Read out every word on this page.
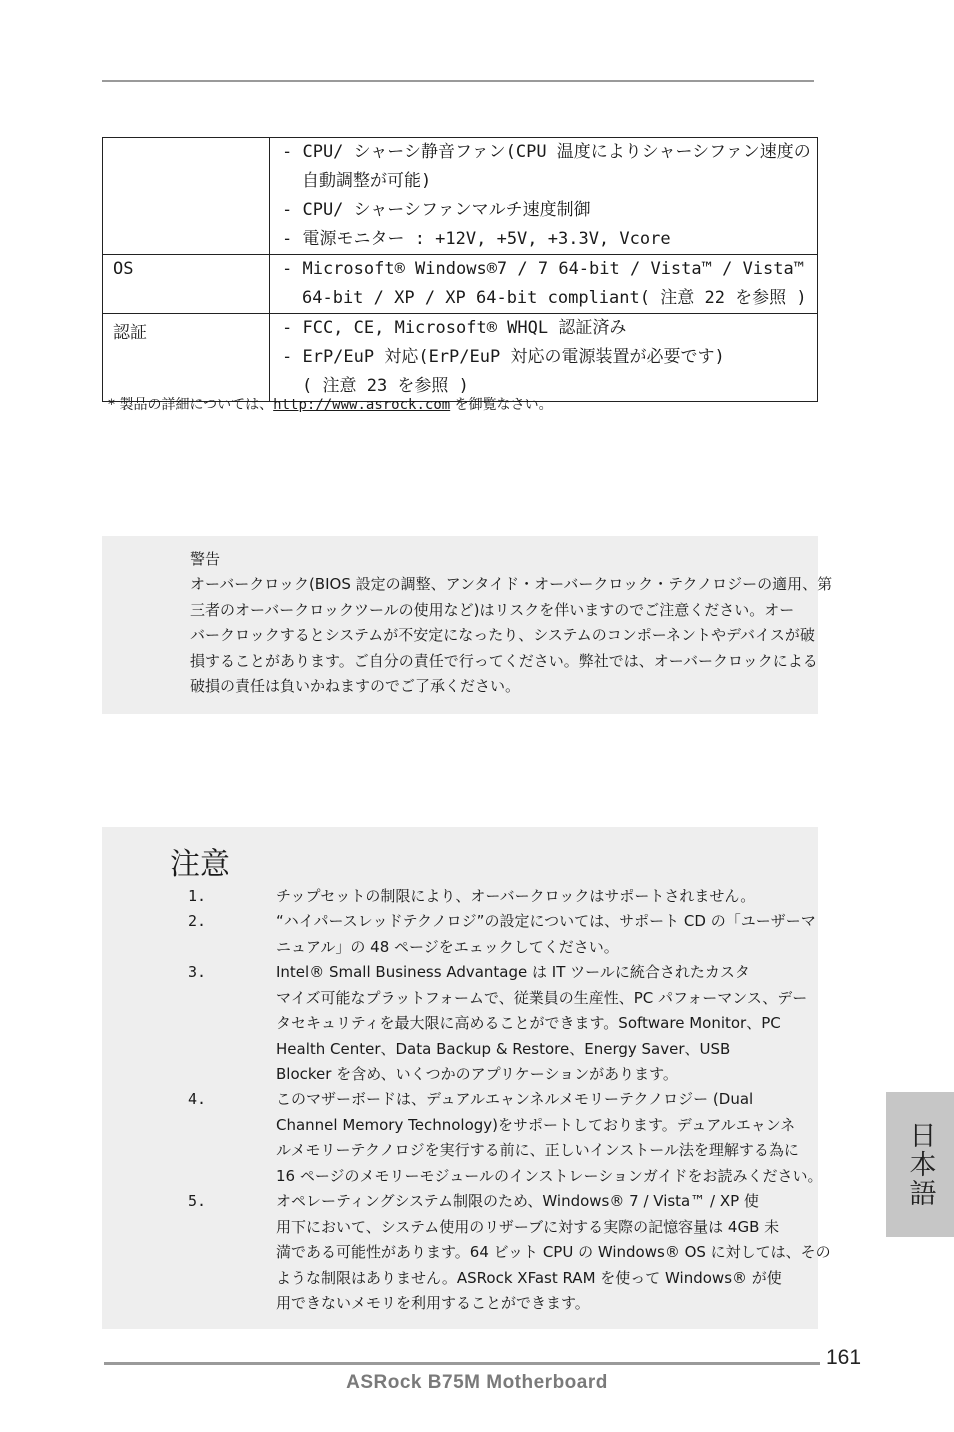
	- CPU/ シャーシ静音ファン(CPU 温度によりシャーシファン速度の
自動調整が可能)
- CPU/ シャーシファンマルチ速度制御
- 電源モニター : +12V, +5V, +3.3V, Vcore

OS	- Microsoft® Windows®7 / 7 64-bit / Vista™ / Vista™
64-bit / XP / XP 64-bit compliant( 注意 22 を参照 )

認証	- FCC, CE, Microsoft® WHQL 認証済み
- ErP/EuP 対応(ErP/EuP 対応の電源装置が必要です)
( 注意 23 を参照 )
* 製品の詳細については、http://www.asrock.com を御覧なさい。
警告
オーバークロック(BIOS 設定の調整、アンタイド・オーバークロック・テクノロジーの適用、第
三者のオーバークロックツールの使用など)はリスクを伴いますのでご注意ください。オー
バークロックするとシステムが不安定になったり、システムのコンポーネントやデバイスが破
損することがあります。ご自分の責任で行ってください。弊社では、オーバークロックによる
破損の責任は負いかねますのでご了承ください。
注意
1.	チップセットの制限により、オーバークロックはサポートされません。
2.	“ハイパースレッドテクノロジ”の設定については、サポート CD の「ユーザーマ
ニュアル」の 48 ページをエェックしてください。
3.	Intel® Small Business Advantage は IT ツールに統合されたカスタ
マイズ可能なプラットフォームで、従業員の生産性、PC パフォーマンス、デー
タセキュリティを最大限に高めることができます。Software Monitor、PC
Health Center、Data Backup & Restore、Energy Saver、USB
Blocker を含め、いくつかのアプリケーションがあります。
4.	このマザーボードは、デュアルエャンネルメモリーテクノロジー (Dual
Channel Memory Technology)をサポートしております。デュアルエャンネ
ルメモリーテクノロジを実行する前に、正しいインストール法を理解する為に
16 ページのメモリーモジュールのインストレーションガイドをお読みください。
5.	オペレーティングシステム制限のため、Windows® 7 / Vista™ / XP 使
用下において、システム使用のリザーブに対する実際の記憶容量は 4GB 未
満である可能性があります。64 ビット CPU の Windows® OS に対しては、その
ような制限はありません。ASRock XFast RAM を使って Windows® が使
用できないメモリを利用することができます。
日本語
161
ASRock B75M Motherboard
